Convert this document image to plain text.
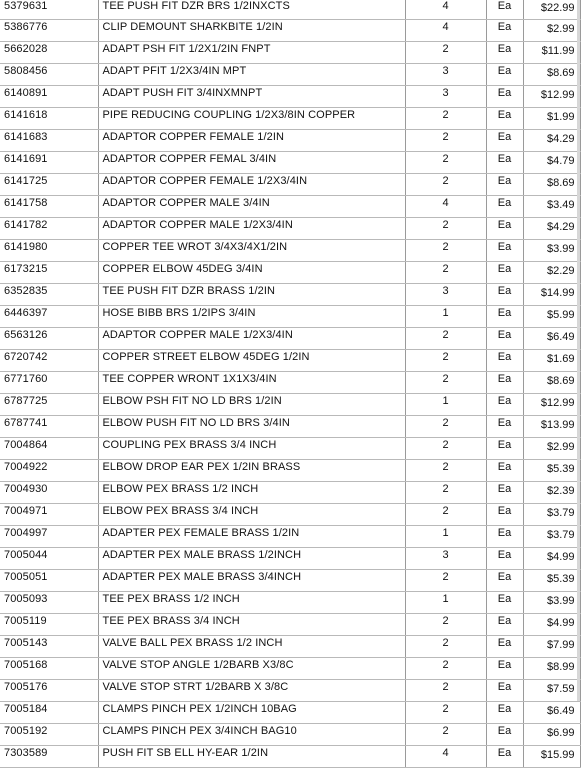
5379631	TEE PUSH FIT DZR BRS 1/2INXCTS	4	Ea	$22.99
5386776	CLIP DEMOUNT SHARKBITE 1/2IN	4	Ea	$2.99
5662028	ADAPT PSH FIT 1/2X1/2IN FNPT	2	Ea	$11.99
5808456	ADAPT PFIT 1/2X3/4IN MPT	3	Ea	$8.69
6140891	ADAPT PUSH FIT 3/4INXMNPT	3	Ea	$12.99
6141618	PIPE REDUCING COUPLING 1/2X3/8IN COPPER	2	Ea	$1.99
6141683	ADAPTOR COPPER FEMALE 1/2IN	2	Ea	$4.29
6141691	ADAPTOR COPPER FEMAL 3/4IN	2	Ea	$4.79
6141725	ADAPTOR COPPER FEMALE 1/2X3/4IN	2	Ea	$8.69
6141758	ADAPTOR COPPER MALE 3/4IN	4	Ea	$3.49
6141782	ADAPTOR COPPER MALE 1/2X3/4IN	2	Ea	$4.29
6141980	COPPER TEE WROT 3/4X3/4X1/2IN	2	Ea	$3.99
6173215	COPPER ELBOW 45DEG 3/4IN	2	Ea	$2.29
6352835	TEE PUSH FIT DZR BRASS 1/2IN	3	Ea	$14.99
6446397	HOSE BIBB BRS 1/2IPS 3/4IN	1	Ea	$5.99
6563126	ADAPTOR COPPER MALE 1/2X3/4IN	2	Ea	$6.49
6720742	COPPER STREET ELBOW 45DEG 1/2IN	2	Ea	$1.69
6771760	TEE COPPER WRONT 1X1X3/4IN	2	Ea	$8.69
6787725	ELBOW PSH FIT NO LD BRS 1/2IN	1	Ea	$12.99
6787741	ELBOW PUSH FIT NO LD BRS 3/4IN	2	Ea	$13.99
7004864	COUPLING PEX BRASS 3/4 INCH	2	Ea	$2.99
7004922	ELBOW DROP EAR PEX 1/2IN BRASS	2	Ea	$5.39
7004930	ELBOW PEX BRASS 1/2 INCH	2	Ea	$2.39
7004971	ELBOW PEX BRASS 3/4 INCH	2	Ea	$3.79
7004997	ADAPTER PEX FEMALE BRASS 1/2IN	1	Ea	$3.79
7005044	ADAPTER PEX MALE BRASS 1/2INCH	3	Ea	$4.99
7005051	ADAPTER PEX MALE BRASS 3/4INCH	2	Ea	$5.39
7005093	TEE PEX BRASS 1/2 INCH	1	Ea	$3.99
7005119	TEE PEX BRASS 3/4 INCH	2	Ea	$4.99
7005143	VALVE BALL PEX BRASS 1/2 INCH	2	Ea	$7.99
7005168	VALVE STOP ANGLE 1/2BARB X3/8C	2	Ea	$8.99
7005176	VALVE STOP STRT 1/2BARB X 3/8C	2	Ea	$7.59
7005184	CLAMPS PINCH PEX 1/2INCH 10BAG	2	Ea	$6.49
7005192	CLAMPS PINCH PEX 3/4INCH BAG10	2	Ea	$6.99
7303589	PUSH FIT SB ELL HY-EAR 1/2IN	4	Ea	$15.99
